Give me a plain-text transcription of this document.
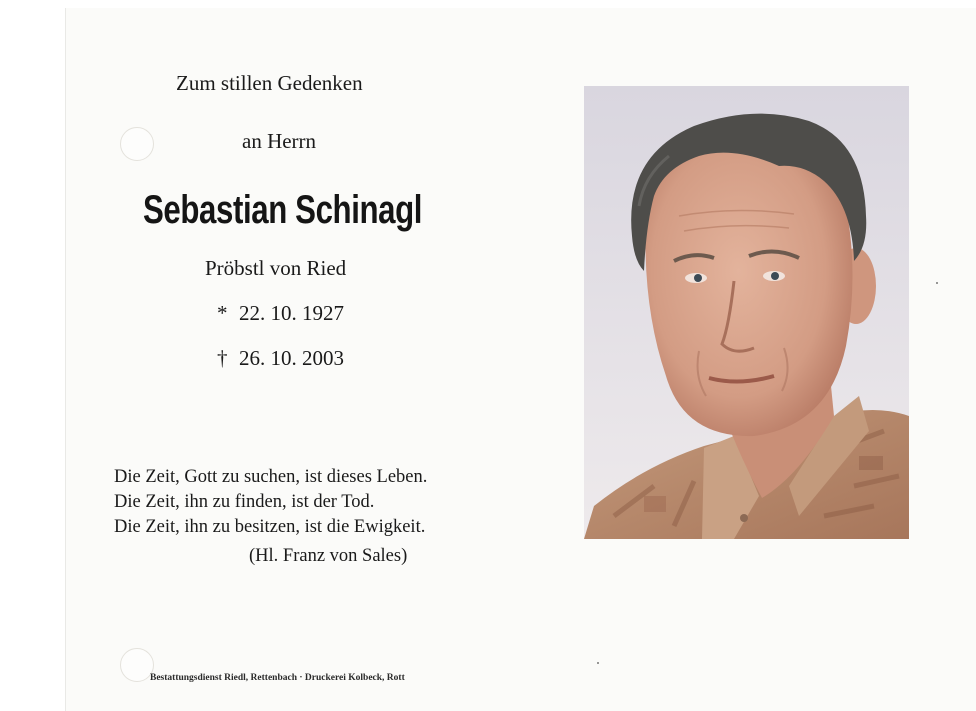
Zum stillen Gedenken
an Herrn
Sebastian Schinagl
Pröbstl von Ried
* 22. 10. 1927
† 26. 10. 2003
Die Zeit, Gott zu suchen, ist dieses Leben.
Die Zeit, ihn zu finden, ist der Tod.
Die Zeit, ihn zu besitzen, ist die Ewigkeit.
(Hl. Franz von Sales)
Bestattungsdienst Riedl, Rettenbach · Druckerei Kolbeck, Rott
